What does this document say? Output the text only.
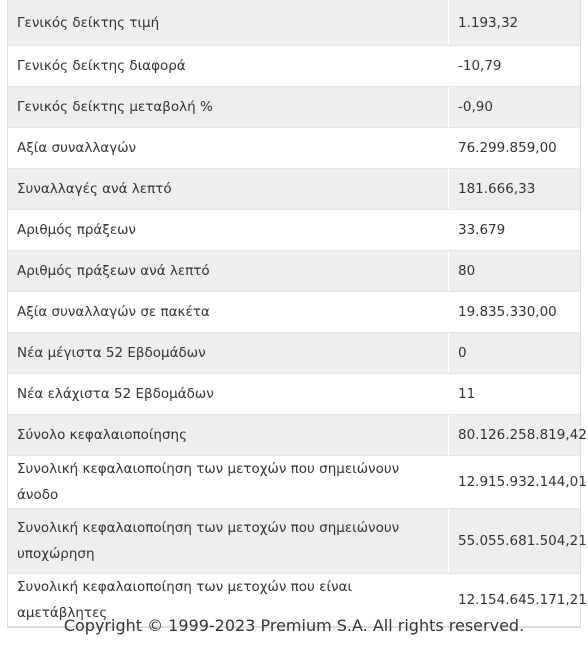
Γενικός δείκτης τιμή	1.193,32
Γενικός δείκτης διαφορά	-10,79
Γενικός δείκτης μεταβολή %	-0,90
Αξία συναλλαγών	76.299.859,00
Συναλλαγές ανά λεπτό	181.666,33
Αριθμός πράξεων	33.679
Αριθμός πράξεων ανά λεπτό	80
Αξία συναλλαγών σε πακέτα	19.835.330,00
Νέα μέγιστα 52 Εβδομάδων	0
Νέα ελάχιστα 52 Εβδομάδων	11
Σύνολο κεφαλαιοποίησης	80.126.258.819,42
Συνολική κεφαλαιοποίηση των μετοχών που σημειώνουν άνοδο	12.915.932.144,01
Συνολική κεφαλαιοποίηση των μετοχών που σημειώνουν υποχώρηση	55.055.681.504,21
Συνολική κεφαλαιοποίηση των μετοχών που είναι αμετάβλητες	12.154.645.171,21
Copyright © 1999-2023 Premium S.A. All rights reserved.
